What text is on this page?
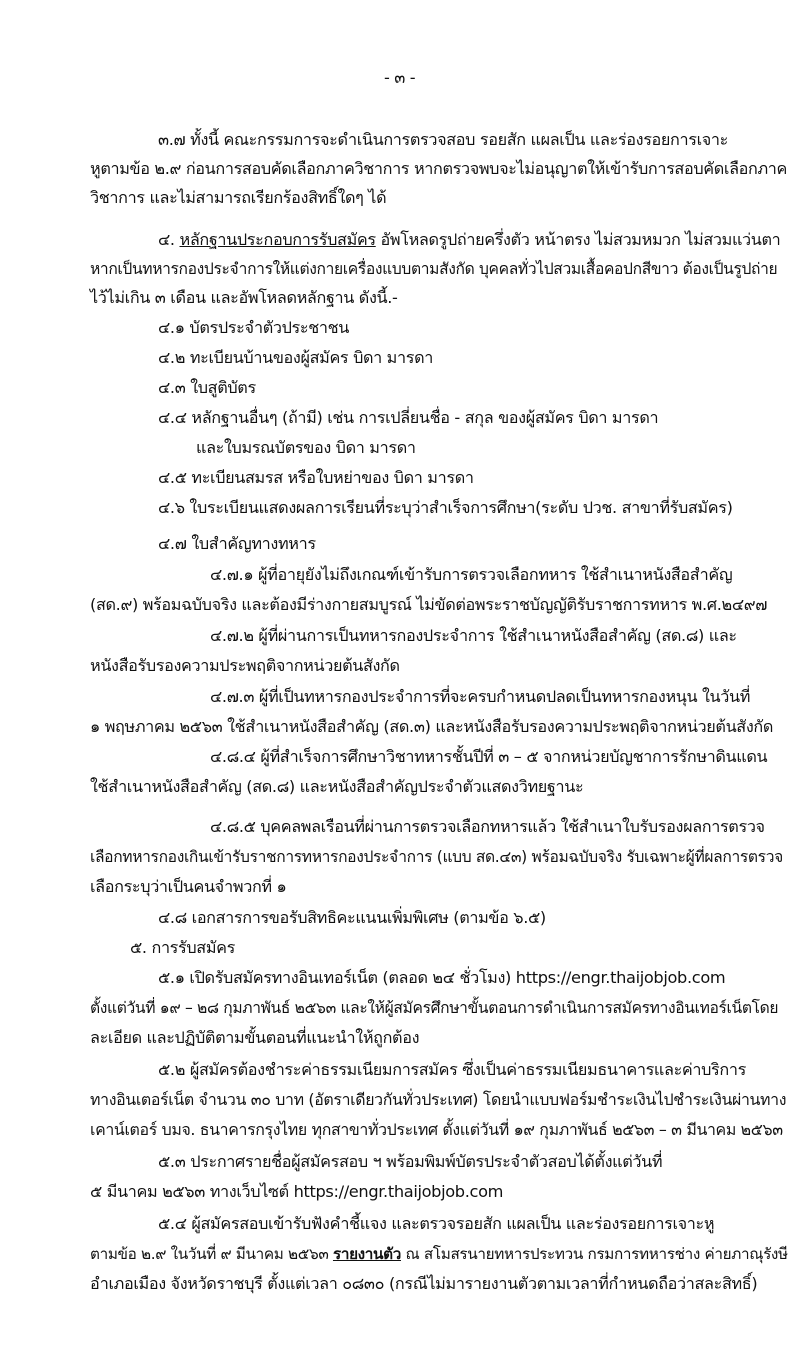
- ๓ -
๓.๗ ทั้งนี้ คณะกรรมการจะดำเนินการตรวจสอบ รอยสัก แผลเป็น และร่องรอยการเจาะ
หูตามข้อ ๒.๙ ก่อนการสอบคัดเลือกภาควิชาการ หากตรวจพบจะไม่อนุญาตให้เข้ารับการสอบคัดเลือกภาค
วิชาการ และไม่สามารถเรียกร้องสิทธิ์ใดๆ ได้
๔. หลักฐานประกอบการรับสมัคร อัพโหลดรูปถ่ายครึ่งตัว หน้าตรง ไม่สวมหมวก ไม่สวมแว่นตา
หากเป็นทหารกองประจำการให้แต่งกายเครื่องแบบตามสังกัด บุคคลทั่วไปสวมเสื้อคอปกสีขาว ต้องเป็นรูปถ่าย
ไว้ไม่เกิน ๓ เดือน และอัพโหลดหลักฐาน ดังนี้.-
๔.๑ บัตรประจำตัวประชาชน
๔.๒ ทะเบียนบ้านของผู้สมัคร บิดา มารดา
๔.๓ ใบสูติบัตร
๔.๔ หลักฐานอื่นๆ (ถ้ามี) เช่น การเปลี่ยนชื่อ - สกุล ของผู้สมัคร บิดา มารดา
และใบมรณบัตรของ บิดา มารดา
๔.๕ ทะเบียนสมรส หรือใบหย่าของ บิดา มารดา
๔.๖ ใบระเบียนแสดงผลการเรียนที่ระบุว่าสำเร็จการศึกษา(ระดับ ปวช. สาขาที่รับสมัคร)
๔.๗ ใบสำคัญทางทหาร
๔.๗.๑ ผู้ที่อายุยังไม่ถึงเกณฑ์เข้ารับการตรวจเลือกทหาร ใช้สำเนาหนังสือสำคัญ
(สด.๙) พร้อมฉบับจริง และต้องมีร่างกายสมบูรณ์ ไม่ขัดต่อพระราชบัญญัติรับราชการทหาร พ.ศ.๒๔๙๗
๔.๗.๒ ผู้ที่ผ่านการเป็นทหารกองประจำการ ใช้สำเนาหนังสือสำคัญ (สด.๘) และ
หนังสือรับรองความประพฤติจากหน่วยต้นสังกัด
๔.๗.๓ ผู้ที่เป็นทหารกองประจำการที่จะครบกำหนดปลดเป็นทหารกองหนุน ในวันที่
๑ พฤษภาคม ๒๕๖๓ ใช้สำเนาหนังสือสำคัญ (สด.๓) และหนังสือรับรองความประพฤติจากหน่วยต้นสังกัด
๔.๘.๔ ผู้ที่สำเร็จการศึกษาวิชาทหารชั้นปีที่ ๓ – ๕ จากหน่วยบัญชาการรักษาดินแดน
ใช้สำเนาหนังสือสำคัญ (สด.๘) และหนังสือสำคัญประจำตัวแสดงวิทยฐานะ
๔.๘.๕ บุคคลพลเรือนที่ผ่านการตรวจเลือกทหารแล้ว ใช้สำเนาใบรับรองผลการตรวจ
เลือกทหารกองเกินเข้ารับราชการทหารกองประจำการ (แบบ สด.๔๓) พร้อมฉบับจริง รับเฉพาะผู้ที่ผลการตรวจ
เลือกระบุว่าเป็นคนจำพวกที่ ๑
๔.๘ เอกสารการขอรับสิทธิคะแนนเพิ่มพิเศษ (ตามข้อ ๖.๕)
๕. การรับสมัคร
๕.๑ เปิดรับสมัครทางอินเทอร์เน็ต (ตลอด ๒๔ ชั่วโมง) https://engr.thaijobjob.com
ตั้งแต่วันที่ ๑๙ – ๒๘ กุมภาพันธ์ ๒๕๖๓ และให้ผู้สมัครศึกษาขั้นตอนการดำเนินการสมัครทางอินเทอร์เน็ตโดย
ละเอียด และปฏิบัติตามขั้นตอนที่แนะนำให้ถูกต้อง
๕.๒ ผู้สมัครต้องชำระค่าธรรมเนียมการสมัคร ซึ่งเป็นค่าธรรมเนียมธนาคารและค่าบริการ
ทางอินเตอร์เน็ต จำนวน ๓๐ บาท (อัตราเดียวกันทั่วประเทศ) โดยนำแบบฟอร์มชำระเงินไปชำระเงินผ่านทาง
เคาน์เตอร์ บมจ. ธนาคารกรุงไทย ทุกสาขาทั่วประเทศ ตั้งแต่วันที่ ๑๙ กุมภาพันธ์ ๒๕๖๓ – ๓ มีนาคม ๒๕๖๓
๕.๓ ประกาศรายชื่อผู้สมัครสอบ ฯ พร้อมพิมพ์บัตรประจำตัวสอบได้ตั้งแต่วันที่
๕ มีนาคม ๒๕๖๓ ทางเว็บไซต์ https://engr.thaijobjob.com
๕.๔ ผู้สมัครสอบเข้ารับฟังคำชี้แจง และตรวจรอยสัก แผลเป็น และร่องรอยการเจาะหู
ตามข้อ ๒.๙ ในวันที่ ๙ มีนาคม ๒๕๖๓ รายงานตัว ณ สโมสรนายทหารประทวน กรมการทหารช่าง ค่ายภาณุรังษี
อำเภอเมือง จังหวัดราชบุรี ตั้งแต่เวลา ๐๘๓๐ (กรณีไม่มารายงานตัวตามเวลาที่กำหนดถือว่าสละสิทธิ์)
